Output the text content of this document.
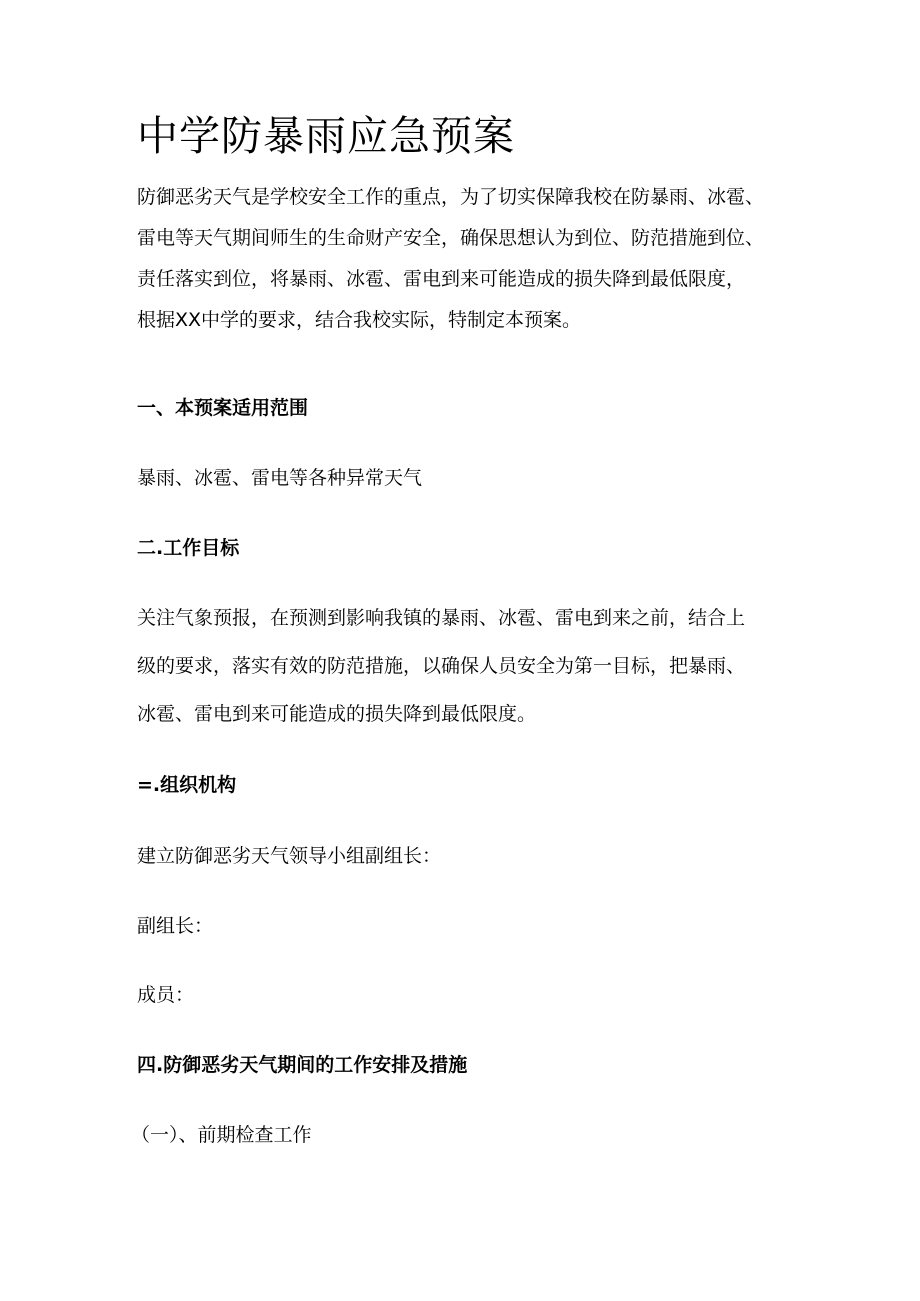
中学防暴雨应急预案
防御恶劣天气是学校安全工作的重点，为了切实保障我校在防暴雨、冰雹、
雷电等天气期间师生的生命财产安全，确保思想认为到位、防范措施到位、
责任落实到位，将暴雨、冰雹、雷电到来可能造成的损失降到最低限度，
根据XX中学的要求，结合我校实际，特制定本预案。
一、本预案适用范围
暴雨、冰雹、雷电等各种异常天气
二.工作目标
关注气象预报，在预测到影响我镇的暴雨、冰雹、雷电到来之前，结合上
级的要求，落实有效的防范措施，以确保人员安全为第一目标，把暴雨、
冰雹、雷电到来可能造成的损失降到最低限度。
=.组织机构
建立防御恶劣天气领导小组副组长：
副组长：
成员：
四.防御恶劣天气期间的工作安排及措施
（一）、前期检查工作
